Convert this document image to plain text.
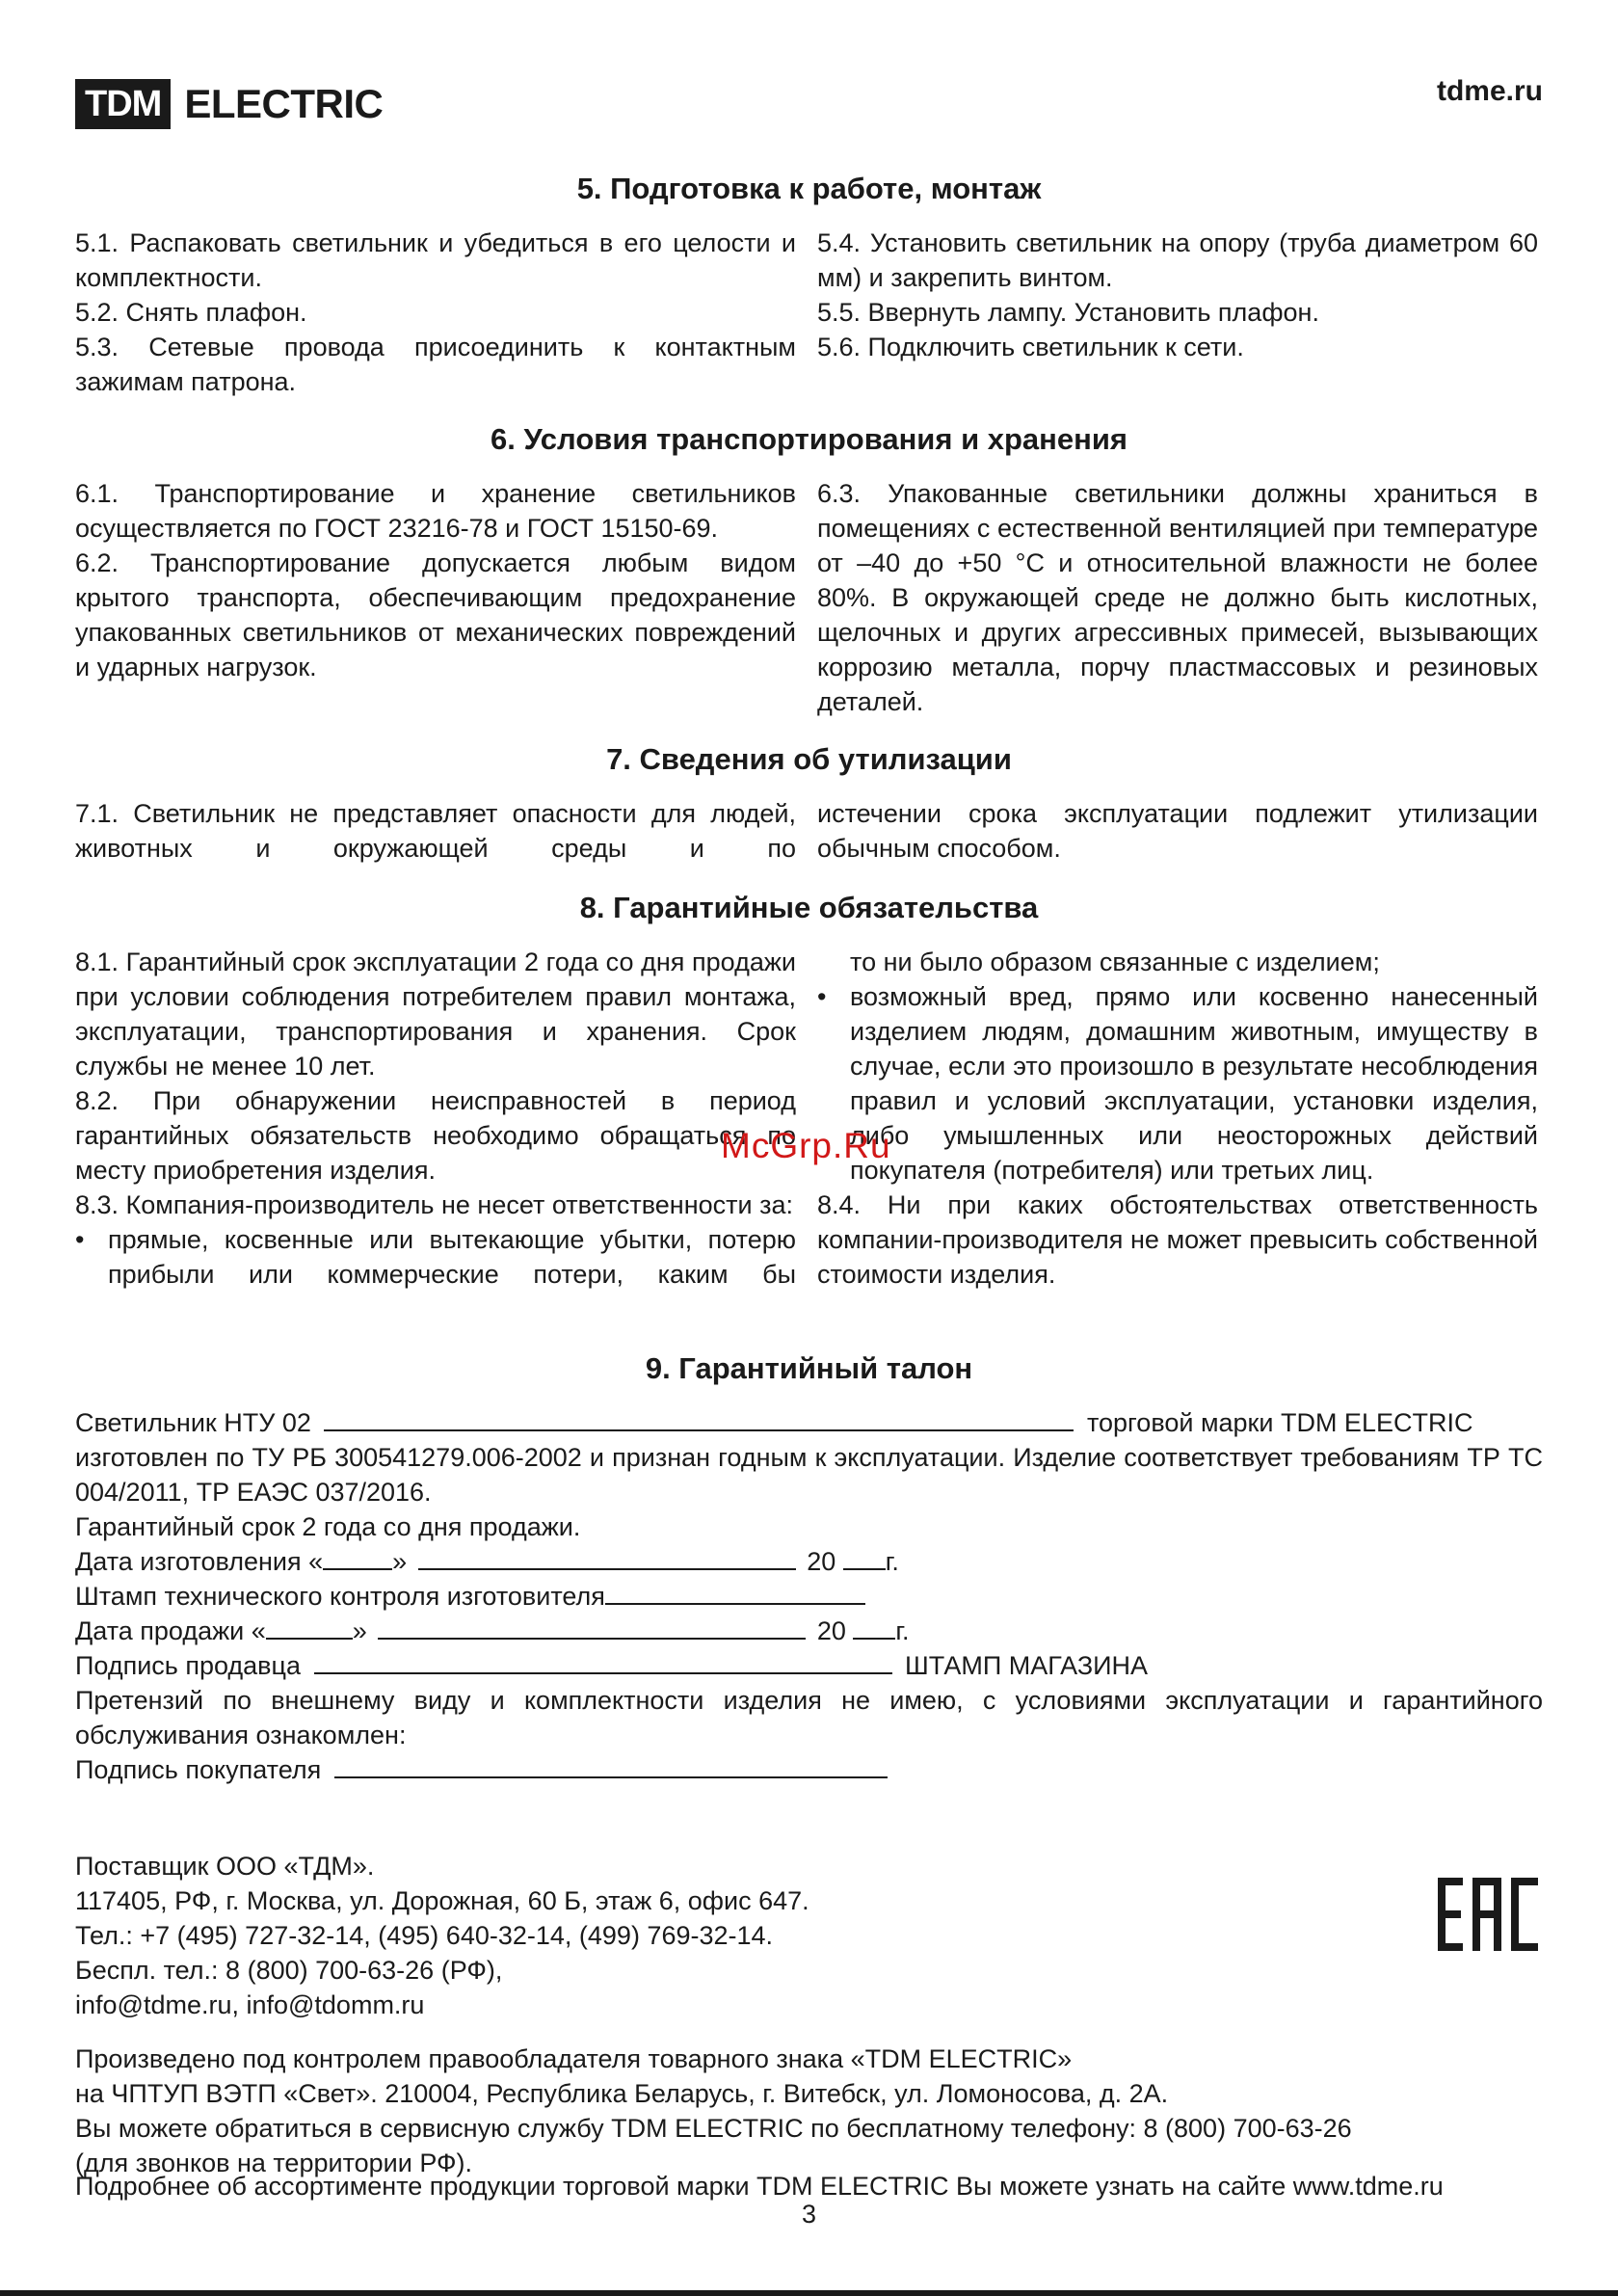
TDM ELECTRIC	tdme.ru
5. Подготовка к работе, монтаж

5.1. Распаковать светильник и убедиться в его целости и комплектности.

5.2. Снять плафон.

5.3. Сетевые провода присоединить к контактным зажимам патрона.

5.4. Установить светильник на опору (труба диаметром 60 мм) и закрепить винтом.

5.5. Ввернуть лампу. Установить плафон.

5.6. Подключить светильник к сети.

6. Условия транспортирования и хранения

6.1. Транспортирование и хранение светильников осуществляется по ГОСТ 23216-78 и ГОСТ 15150-69.

6.2. Транспортирование допускается любым видом крытого транспорта, обеспечивающим предохранение упакованных светильников от механических повреждений и ударных нагрузок.

6.3. Упакованные светильники должны храниться в помещениях с естественной вентиляцией при температуре от –40 до +50 °С и относительной влажности не более 80%. В окружающей среде не должно быть кислотных, щелочных и других агрессивных примесей, вызывающих коррозию металла, порчу пластмассовых и резиновых деталей.

7. Сведения об утилизации

7.1. Светильник не представляет опасности для людей, животных и окружающей среды и по

истечении срока эксплуатации подлежит утилизации обычным способом.

8. Гарантийные обязательства

8.1. Гарантийный срок эксплуатации 2 года со дня продажи при условии соблюдения потребителем правил монтажа, эксплуатации, транспортирования и хранения. Срок службы не менее 10 лет.

8.2. При обнаружении неисправностей в период гарантийных обязательств необходимо обращаться по месту приобретения изделия.

8.3. Компания-производитель не несет ответственности за:

• прямые, косвенные или вытекающие убытки, потерю прибыли или коммерческие потери, каким бы

то ни было образом связанные с изделием;

• возможный вред, прямо или косвенно нанесенный изделием людям, домашним животным, имуществу в случае, если это произошло в результате несоблюдения правил и условий эксплуатации, установки изделия, либо умышленных или неосторожных действий покупателя (потребителя) или третьих лиц.

8.4. Ни при каких обстоятельствах ответственность компании-производителя не может превысить собственной стоимости изделия.

9. Гарантийный талон
Светильник НТУ 02	торговой марки TDM ELECTRIC

изготовлен по ТУ РБ 300541279.006-2002 и признан годным к эксплуатации. Изделие соответствует требованиям ТР ТС 004/2011, ТР ЕАЭС 037/2016.

Гарантийный срок 2 года со дня продажи.
Дата изготовления «	»	20 г.
Штамп технического контроля изготовителя
Дата продажи «	»	20 г.
Подпись продавца	ШТАМП МАГАЗИНА

Претензий по внешнему виду и комплектности изделия не имею, с условиями эксплуатации и гарантийного обслуживания ознакомлен:

Подпись покупателя
Поставщик ООО «ТДМ».
117405, РФ, г. Москва, ул. Дорожная, 60 Б, этаж 6, офис 647.
Тел.: +7 (495) 727-32-14, (495) 640-32-14, (499) 769-32-14.
Беспл. тел.: 8 (800) 700-63-26 (РФ),
info@tdme.ru, info@tdomm.ru
Произведено под контролем правообладателя товарного знака «TDM ELECTRIC»
на ЧПТУП ВЭТП «Свет». 210004, Республика Беларусь, г. Витебск, ул. Ломоносова, д. 2А.
Вы можете обратиться в сервисную службу TDM ELECTRIC по бесплатному телефону: 8 (800) 700-63-26
(для звонков на территории РФ).
Подробнее об ассортименте продукции торговой марки TDM ELECTRIC Вы можете узнать на сайте www.tdme.ru
3
McGrp.Ru
